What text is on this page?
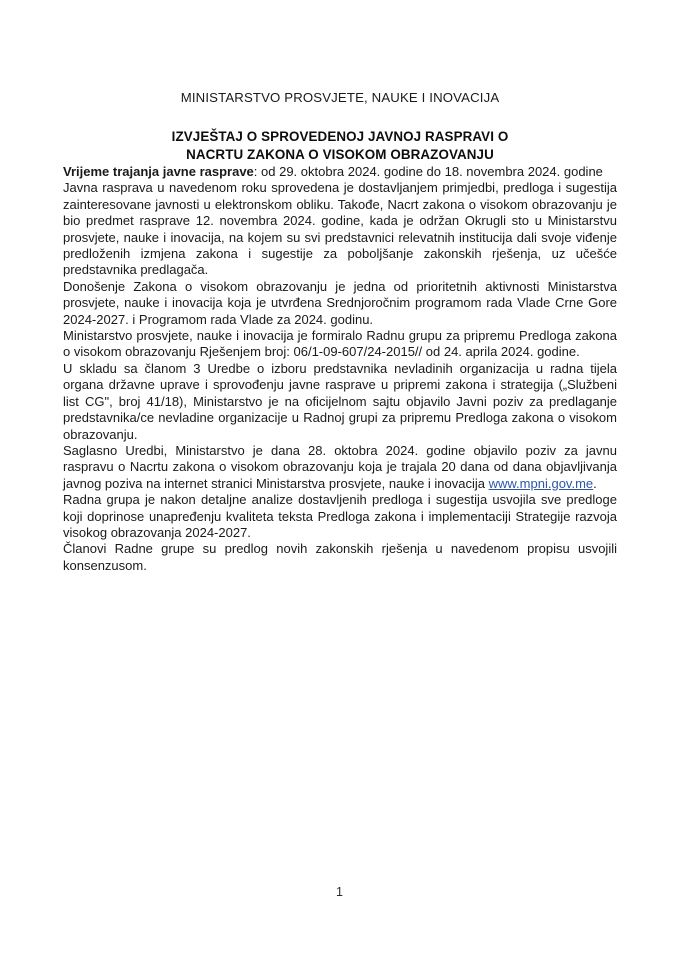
MINISTARSTVO PROSVJETE, NAUKE I INOVACIJA
IZVJEŠTAJ O SPROVEDENOJ JAVNOJ RASPRAVI O
NACRTU ZAKONA O VISOKOM OBRAZOVANJU

Vrijeme trajanja javne rasprave: od 29. oktobra 2024. godine do 18. novembra 2024. godine

Javna rasprava u navedenom roku sprovedena je dostavljanjem primjedbi, predloga i sugestija zainteresovane javnosti u elektronskom obliku. Takođe, Nacrt zakona o visokom obrazovanju je bio predmet rasprave 12. novembra 2024. godine, kada je održan Okrugli sto u Ministarstvu prosvjete, nauke i inovacija, na kojem su svi predstavnici relevatnih institucija dali svoje viđenje predloženih izmjena zakona i sugestije za poboljšanje zakonskih rješenja, uz učešće predstavnika predlagača.

Donošenje Zakona o visokom obrazovanju je jedna od prioritetnih aktivnosti Ministarstva prosvjete, nauke i inovacija koja je utvrđena Srednjoročnim programom rada Vlade Crne Gore 2024-2027. i Programom rada Vlade za 2024. godinu.

Ministarstvo prosvjete, nauke i inovacija je formiralo Radnu grupu za pripremu Predloga zakona o visokom obrazovanju Rješenjem broj: 06/1-09-607/24-2015// od 24. aprila 2024. godine.

U skladu sa članom 3 Uredbe o izboru predstavnika nevladinih organizacija u radna tijela organa državne uprave i sprovođenju javne rasprave u pripremi zakona i strategija („Službeni list CG", broj 41/18), Ministarstvo je na oficijelnom sajtu objavilo Javni poziv za predlaganje predstavnika/ce nevladine organizacije u Radnoj grupi za pripremu Predloga zakona o visokom obrazovanju.

Saglasno Uredbi, Ministarstvo je dana 28. oktobra 2024. godine objavilo poziv za javnu raspravu o Nacrtu zakona o visokom obrazovanju koja je trajala 20 dana od dana objavljivanja javnog poziva na internet stranici Ministarstva prosvjete, nauke i inovacija www.mpni.gov.me.

Radna grupa je nakon detaljne analize dostavljenih predloga i sugestija usvojila sve predloge koji doprinose unapređenju kvaliteta teksta Predloga zakona i implementaciji Strategije razvoja visokog obrazovanja 2024-2027.

Članovi Radne grupe su predlog novih zakonskih rješenja u navedenom propisu usvojili konsenzusom.

1
